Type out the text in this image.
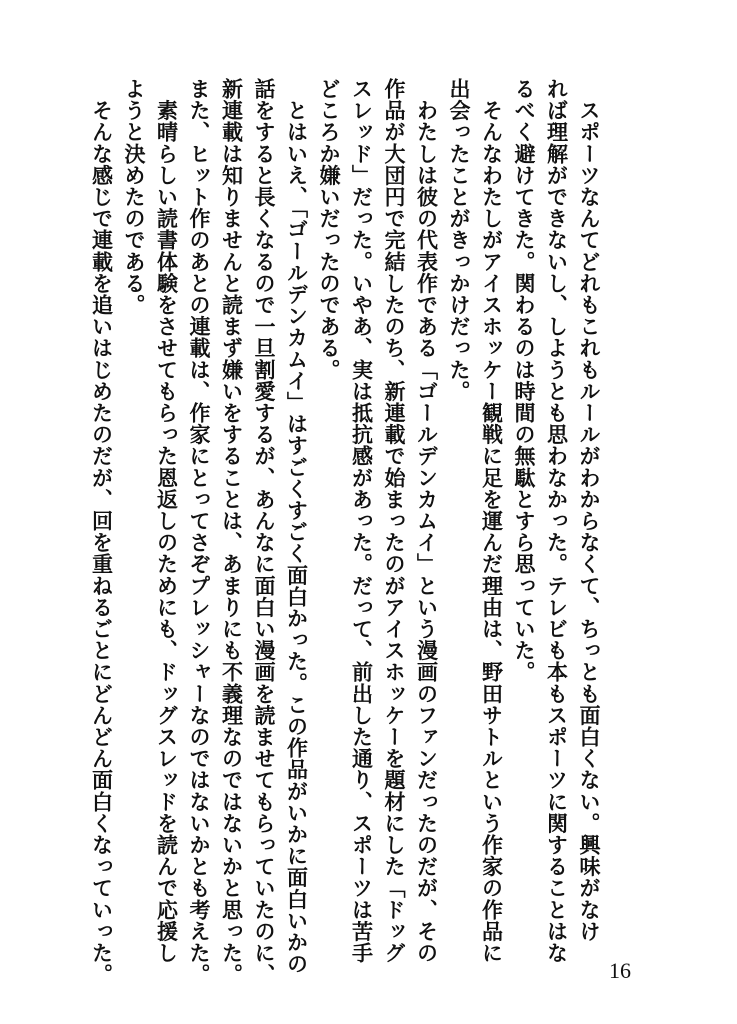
　スポーツなんてどれもこれもルールがわからなくて、ちっとも面白くない。興味がなけ
れば理解ができないし、しようとも思わなかった。テレビも本もスポーツに関することはな
るべく避けてきた。関わるのは時間の無駄とすら思っていた。
　そんなわたしがアイスホッケー観戦に足を運んだ理由は、野田サトルという作家の作品に
出会ったことがきっかけだった。
　わたしは彼の代表作である「ゴールデンカムイ」という漫画のファンだったのだが、その
作品が大団円で完結したのち、新連載で始まったのがアイスホッケーを題材にした「ドッグ
スレッド」だった。いやあ、実は抵抗感があった。だって、前出した通り、スポーツは苦手
どころか嫌いだったのである。
　とはいえ、「ゴールデンカムイ」はすごくすごく面白かった。この作品がいかに面白いかの
話をすると長くなるので一旦割愛するが、あんなに面白い漫画を読ませてもらっていたのに、
新連載は知りませんと読まず嫌いをすることは、あまりにも不義理なのではないかと思った。
また、ヒット作のあとの連載は、作家にとってさぞプレッシャーなのではないかとも考えた。
　素晴らしい読書体験をさせてもらった恩返しのためにも、ドッグスレッドを読んで応援し
ようと決めたのである。
　そんな感じで連載を追いはじめたのだが、回を重ねるごとにどんどん面白くなっていった。	16
